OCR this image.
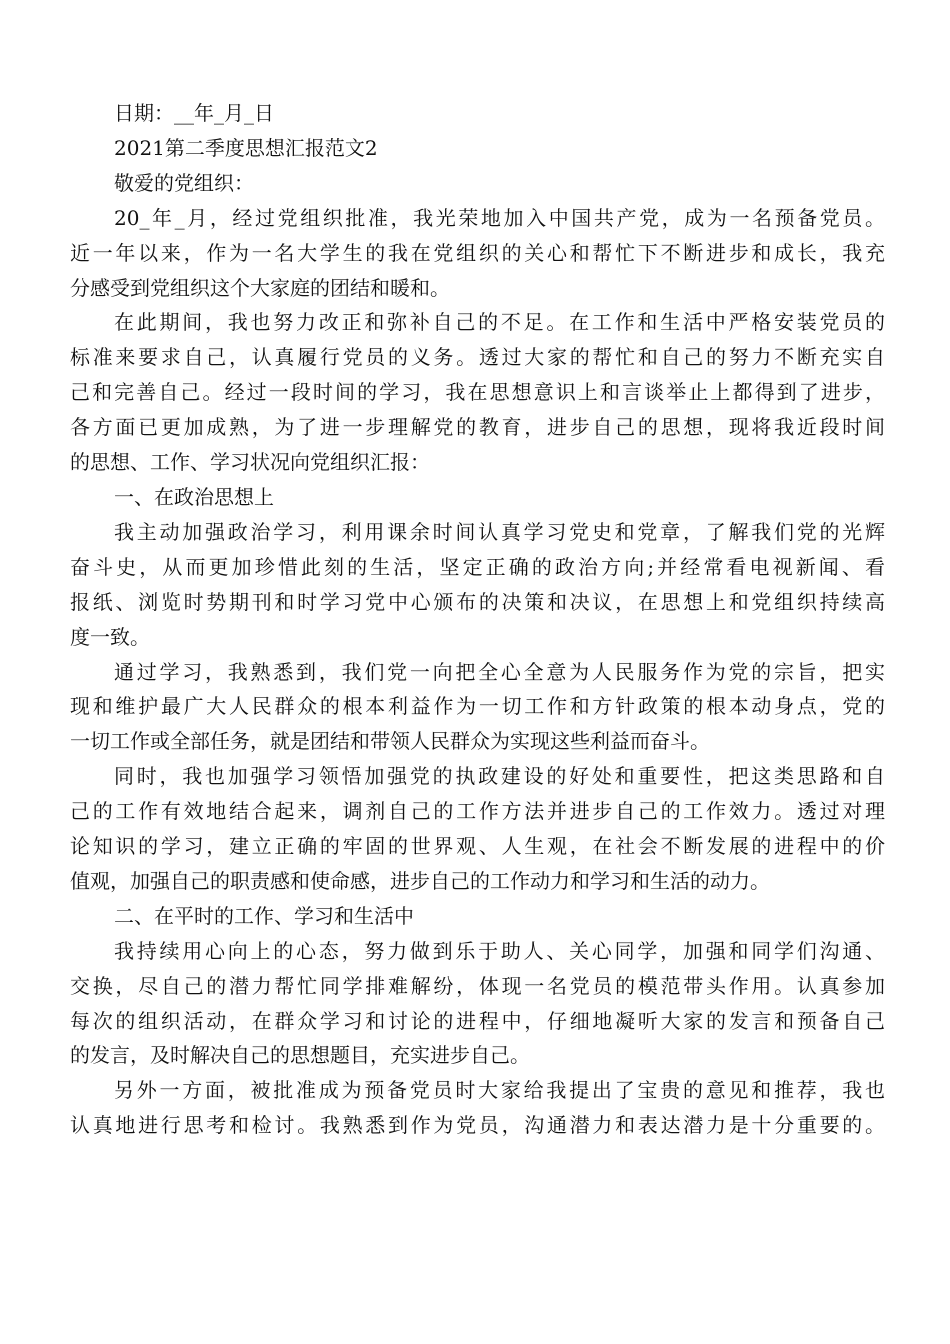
日期：__年_月_日
2021第二季度思想汇报范文2
敬爱的党组织：
20_年_月，经过党组织批准，我光荣地加入中国共产党，成为一名预备党员。
近一年以来，作为一名大学生的我在党组织的关心和帮忙下不断进步和成长，我充
分感受到党组织这个大家庭的团结和暖和。
在此期间，我也努力改正和弥补自己的不足。在工作和生活中严格安装党员的
标准来要求自己，认真履行党员的义务。透过大家的帮忙和自己的努力不断充实自
己和完善自己。经过一段时间的学习，我在思想意识上和言谈举止上都得到了进步，
各方面已更加成熟，为了进一步理解党的教育，进步自己的思想，现将我近段时间
的思想、工作、学习状况向党组织汇报：
一、在政治思想上
我主动加强政治学习，利用课余时间认真学习党史和党章，了解我们党的光辉
奋斗史，从而更加珍惜此刻的生活，坚定正确的政治方向;并经常看电视新闻、看
报纸、浏览时势期刊和时学习党中心颁布的决策和决议，在思想上和党组织持续高
度一致。
通过学习，我熟悉到，我们党一向把全心全意为人民服务作为党的宗旨，把实
现和维护最广大人民群众的根本利益作为一切工作和方针政策的根本动身点，党的
一切工作或全部任务，就是团结和带领人民群众为实现这些利益而奋斗。
同时，我也加强学习领悟加强党的执政建设的好处和重要性，把这类思路和自
己的工作有效地结合起来，调剂自己的工作方法并进步自己的工作效力。透过对理
论知识的学习，建立正确的牢固的世界观、人生观，在社会不断发展的进程中的价
值观，加强自己的职责感和使命感，进步自己的工作动力和学习和生活的动力。
二、在平时的工作、学习和生活中
我持续用心向上的心态，努力做到乐于助人、关心同学，加强和同学们沟通、
交换，尽自己的潜力帮忙同学排难解纷，体现一名党员的模范带头作用。认真参加
每次的组织活动，在群众学习和讨论的进程中，仔细地凝听大家的发言和预备自己
的发言，及时解决自己的思想题目，充实进步自己。
另外一方面，被批准成为预备党员时大家给我提出了宝贵的意见和推荐，我也
认真地进行思考和检讨。我熟悉到作为党员，沟通潜力和表达潜力是十分重要的。
